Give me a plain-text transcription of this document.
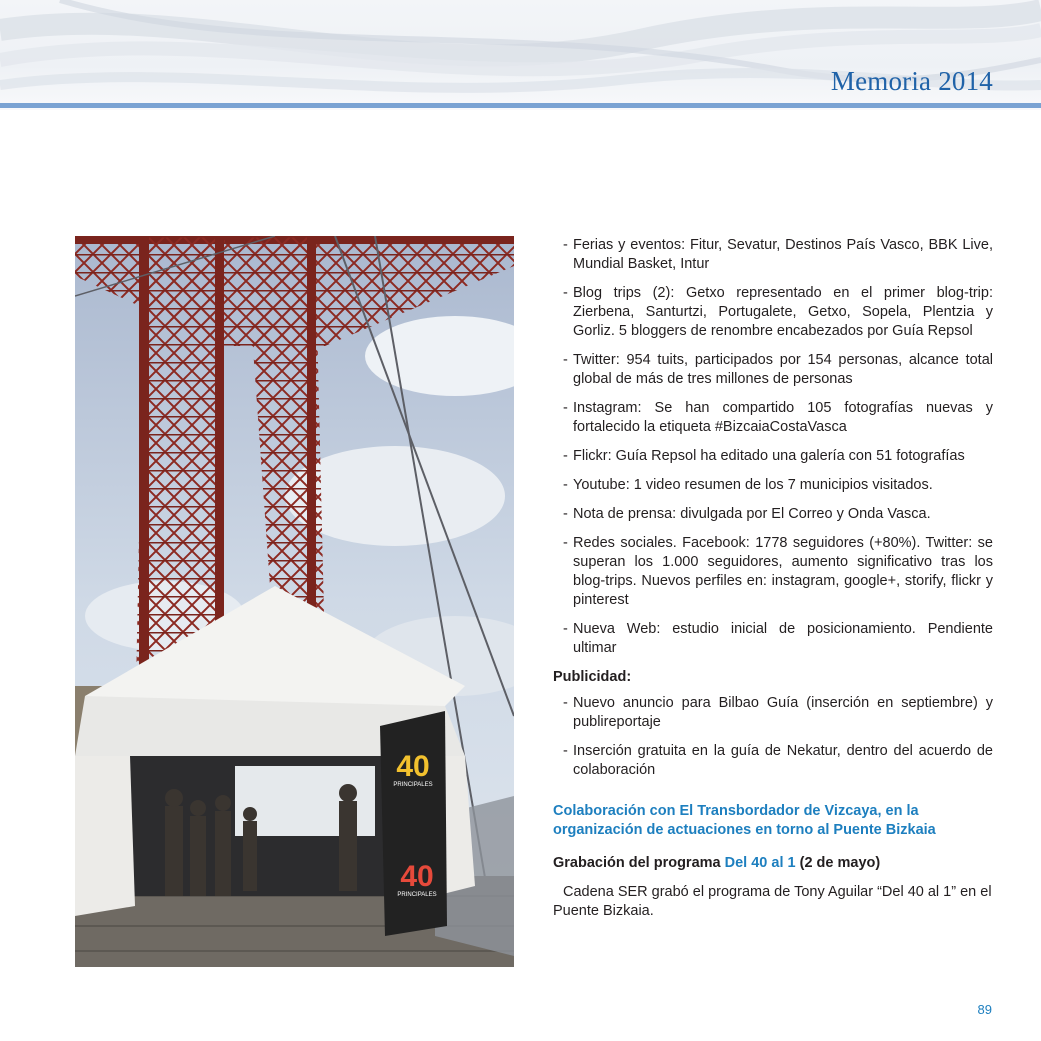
Memoria 2014
40
PRINCIPALES
40
PRINCIPALES
- Ferias y eventos: Fitur, Sevatur, Destinos País Vasco, BBK Live, Mundial Basket, Intur
- Blog trips (2): Getxo representado en el primer blog-trip: Zierbena, Santurtzi, Portugalete, Getxo, Sopela, Plentzia y Gorliz. 5 bloggers de renombre encabezados por Guía Repsol
- Twitter: 954 tuits, participados por 154 personas, alcance total global de más de tres millones de personas
- Instagram: Se han compartido 105 fotografías nuevas y fortalecido la etiqueta #BizcaiaCostaVasca
- Flickr: Guía Repsol ha editado una galería con 51 fotografías
- Youtube: 1 video resumen de los 7 municipios visitados.
- Nota de prensa: divulgada por El Correo y Onda Vasca.
- Redes sociales. Facebook: 1778 seguidores (+80%). Twitter: se superan los 1.000 seguidores, aumento significativo tras los blog-trips. Nuevos perfiles en: instagram, google+, storify, flickr y pinterest
- Nueva Web: estudio inicial de posicionamiento. Pendiente ultimar
Publicidad:
- Nuevo anuncio para Bilbao Guía (inserción en septiembre) y publireportaje
- Inserción gratuita en la guía de Nekatur, dentro del acuerdo de colaboración
Colaboración con El Transbordador de Vizcaya, en la organización de actuaciones en torno al Puente Bizkaia
Grabación del programa Del 40 al 1 (2 de mayo)

Cadena SER grabó el programa de Tony Aguilar “Del 40 al 1” en el Puente Bizkaia.

89
